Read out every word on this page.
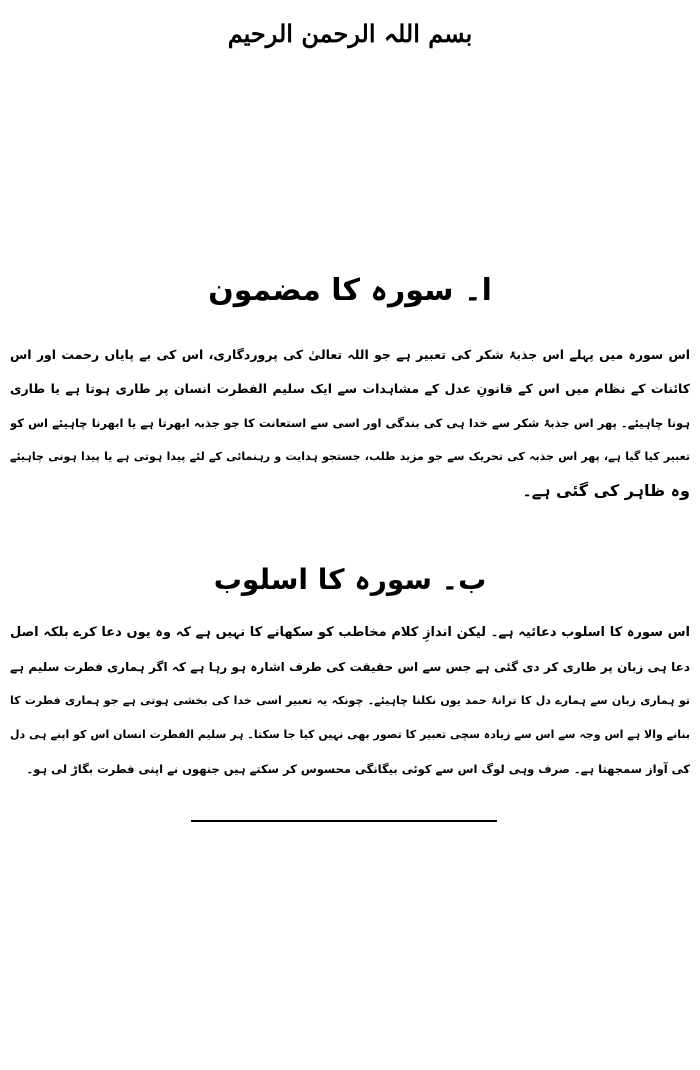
بسم اللہ الرحمن الرحیم
ا۔ سورہ کا مضمون
اس سورہ میں پہلے اس جذبۂ شکر کی تعبیر ہے جو اللہ تعالیٰ کی پروردگاری، اس کی بے پایاں رحمت اور اس
کائنات کے نظام میں اس کے قانونِ عدل کے مشاہدات سے ایک سلیم الفطرت انسان پر طاری ہوتا ہے یا طاری
ہونا چاہیئے۔ پھر اس جذبۂ شکر سے خدا ہی کی بندگی اور اسی سے استعانت کا جو جذبہ ابھرتا ہے یا ابھرنا چاہیئے اس کو
تعبیر کیا گیا ہے، پھر اس جذبہ کی تحریک سے جو مزید طلب، جستجو ہدایت و رہنمائی کے لئے پیدا ہوتی ہے یا پیدا ہونی چاہیئے
وہ ظاہر کی گئی ہے۔
ب۔ سورہ کا اسلوب
اس سورہ کا اسلوب دعائیہ ہے۔ لیکن اندازِ کلام مخاطب کو سکھانے کا نہیں ہے کہ وہ یوں دعا کرے بلکہ اصل
دعا ہی زبان پر طاری کر دی گئی ہے جس سے اس حقیقت کی طرف اشارہ ہو رہا ہے کہ اگر ہماری فطرت سلیم ہے
تو ہماری زبان سے ہمارے دل کا ترانۂ حمد یوں نکلنا چاہیئے۔ چونکہ یہ تعبیر اسی خدا کی بخشی ہوتی ہے جو ہماری فطرت کا
بنانے والا ہے اس وجہ سے اس سے زیادہ سچی تعبیر کا تصور بھی نہیں کیا جا سکتا۔ ہر سلیم الفطرت انسان اس کو اپنے ہی دل
کی آواز سمجھتا ہے۔ صرف وہی لوگ اس سے کوئی بیگانگی محسوس کر سکتے ہیں جنھوں نے اپنی فطرت بگاڑ لی ہو۔
